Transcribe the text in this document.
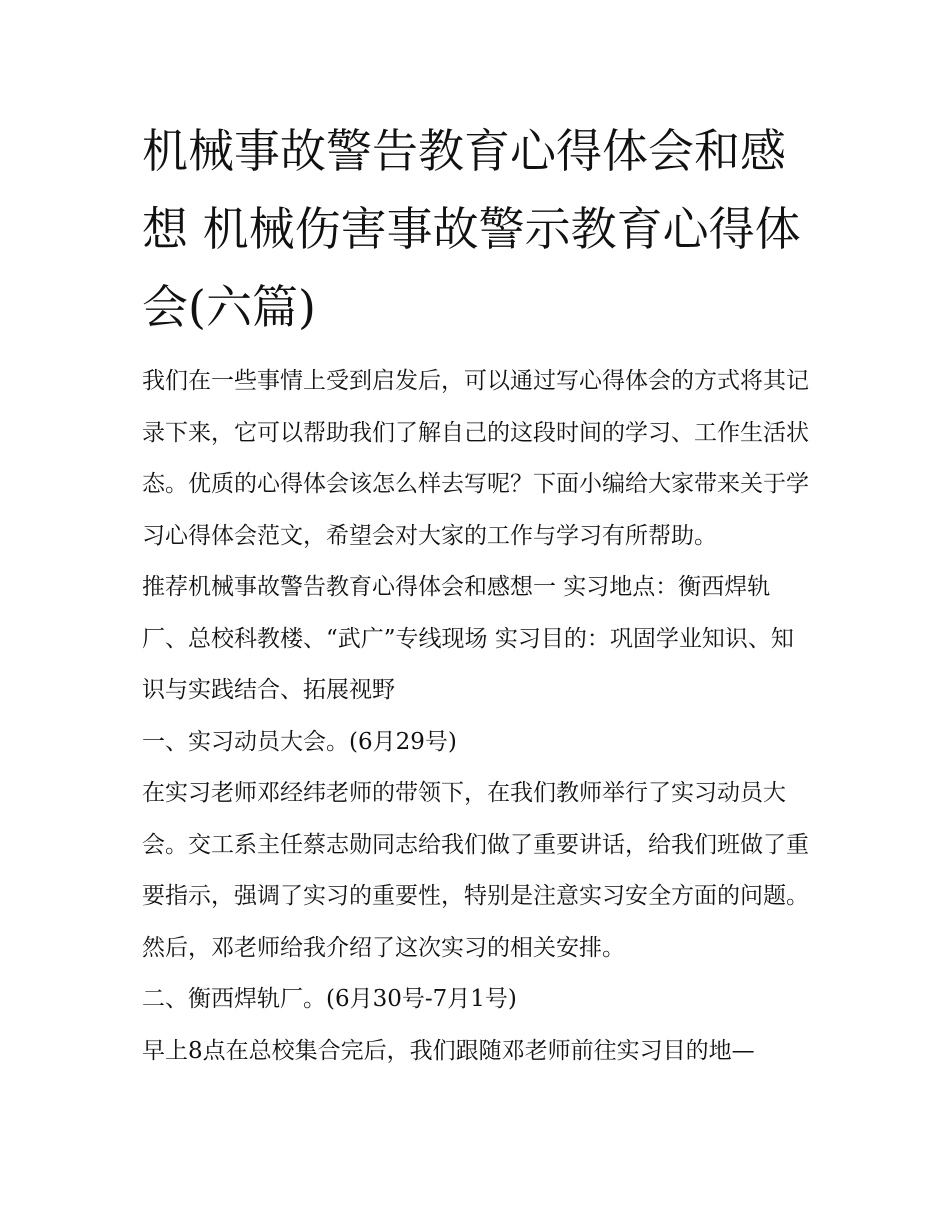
机械事故警告教育心得体会和感想 机械伤害事故警示教育心得体会(六篇)

我们在一些事情上受到启发后，可以通过写心得体会的方式将其记录下来，它可以帮助我们了解自己的这段时间的学习、工作生活状态。优质的心得体会该怎么样去写呢？下面小编给大家带来关于学习心得体会范文，希望会对大家的工作与学习有所帮助。

推荐机械事故警告教育心得体会和感想一 实习地点：衡西焊轨厂、总校科教楼、“武广”专线现场 实习目的：巩固学业知识、知识与实践结合、拓展视野

一、实习动员大会。(6月29号)

在实习老师邓经纬老师的带领下，在我们教师举行了实习动员大会。交工系主任蔡志勋同志给我们做了重要讲话，给我们班做了重要指示，强调了实习的重要性，特别是注意实习安全方面的问题。然后，邓老师给我介绍了这次实习的相关安排。

二、衡西焊轨厂。(6月30号-7月1号)

早上8点在总校集合完后，我们跟随邓老师前往实习目的地—
